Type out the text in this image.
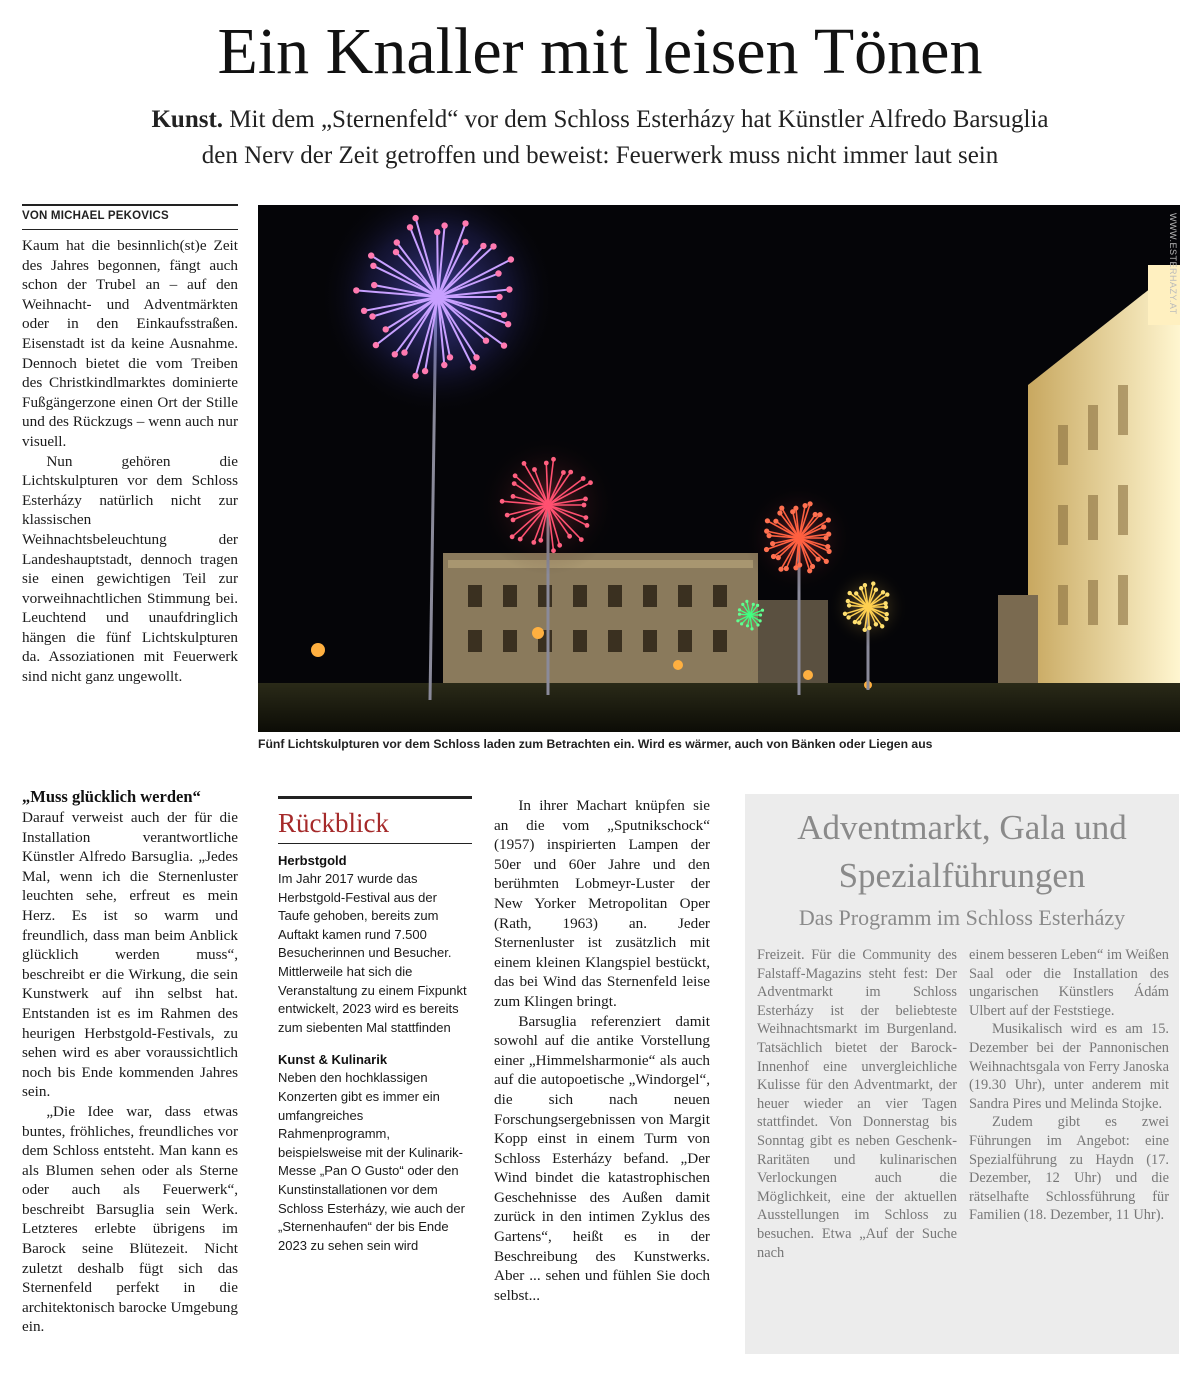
Ein Knaller mit leisen Tönen
Kunst. Mit dem „Sternenfeld“ vor dem Schloss Esterházy hat Künstler Alfredo Barsuglia
den Nerv der Zeit getroffen und beweist: Feuerwerk muss nicht immer laut sein
VON MICHAEL PEKOVICS

Kaum hat die besinnlich(st)e Zeit des Jahres begonnen, fängt auch schon der Trubel an – auf den Weihnacht- und Adventmärkten oder in den Einkaufsstraßen. Eisenstadt ist da keine Ausnahme. Dennoch bietet die vom Treiben des Christkindlmarktes dominierte Fußgängerzone einen Ort der Stille und des Rückzugs – wenn auch nur visuell.

Nun gehören die Lichtskulpturen vor dem Schloss Esterházy natürlich nicht zur klassischen Weihnachtsbeleuchtung der Landeshauptstadt, dennoch tragen sie einen gewichtigen Teil zur vorweihnachtlichen Stimmung bei. Leuchtend und unaufdringlich hängen die fünf Lichtskulpturen da. Assoziationen mit Feuerwerk sind nicht ganz ungewollt.

„Muss glücklich werden“

Darauf verweist auch der für die Installation verantwortliche Künstler Alfredo Barsuglia. „Jedes Mal, wenn ich die Sternenluster leuchten sehe, erfreut es mein Herz. Es ist so warm und freundlich, dass man beim Anblick glücklich werden muss“, beschreibt er die Wirkung, die sein Kunstwerk auf ihn selbst hat. Entstanden ist es im Rahmen des heurigen Herbstgold-Festivals, zu sehen wird es aber voraussichtlich noch bis Ende kommenden Jahres sein.

„Die Idee war, dass etwas buntes, fröhliches, freundliches vor dem Schloss entsteht. Man kann es als Blumen sehen oder als Sterne oder auch als Feuerwerk“, beschreibt Barsuglia sein Werk. Letzteres erlebte übrigens im Barock seine Blütezeit. Nicht zuletzt deshalb fügt sich das Sternenfeld perfekt in die architektonisch barocke Umgebung ein.

WWW.ESTERHAZY.AT
Fünf Lichtskulpturen vor dem Schloss laden zum Betrachten ein. Wird es wärmer, auch von Bänken oder Liegen aus
Rückblick
Herbstgold

Im Jahr 2017 wurde das Herbstgold-Festival aus der Taufe gehoben, bereits zum Auftakt kamen rund 7.500 Besucherinnen und Besucher. Mittlerweile hat sich die Veranstaltung zu einem Fixpunkt entwickelt, 2023 wird es bereits zum siebenten Mal stattfinden

Kunst & Kulinarik

Neben den hochklassigen Konzerten gibt es immer ein umfangreiches Rahmenprogramm, beispielsweise mit der Kulinarik-Messe „Pan O Gusto“ oder den Kunstinstallationen vor dem Schloss Esterházy, wie auch der „Sternenhaufen“ der bis Ende 2023 zu sehen sein wird

In ihrer Machart knüpfen sie an die vom „Sputnikschock“ (1957) inspirierten Lampen der 50er und 60er Jahre und den berühmten Lobmeyr-Luster der New Yorker Metropolitan Oper (Rath, 1963) an. Jeder Sternenluster ist zusätzlich mit einem kleinen Klangspiel bestückt, das bei Wind das Sternenfeld leise zum Klingen bringt.

Barsuglia referenziert damit sowohl auf die antike Vorstellung einer „Himmelsharmonie“ als auch auf die autopoetische „Windorgel“, die sich nach neuen Forschungsergebnissen von Margit Kopp einst in einem Turm von Schloss Esterházy befand. „Der Wind bindet die katastrophischen Geschehnisse des Außen damit zurück in den intimen Zyklus des Gartens“, heißt es in der Beschreibung des Kunstwerks. Aber ... sehen und fühlen Sie doch selbst...

Adventmarkt, Gala und
Spezialführungen
Das Programm im Schloss Esterházy

Freizeit. Für die Community des Falstaff-Magazins steht fest: Der Adventmarkt im Schloss Esterházy ist der beliebteste Weihnachtsmarkt im Burgenland. Tatsächlich bietet der Barock-Innenhof eine unvergleichliche Kulisse für den Adventmarkt, der heuer wieder an vier Tagen stattfindet. Von Donnerstag bis Sonntag gibt es neben Geschenk-Raritäten und kulinarischen Verlockungen auch die Möglichkeit, eine der aktuellen Ausstellungen im Schloss zu besuchen. Etwa „Auf der Suche nach

einem besseren Leben“ im Weißen Saal oder die Installation des ungarischen Künstlers Ádám Ulbert auf der Feststiege.

Musikalisch wird es am 15. Dezember bei der Pannonischen Weihnachtsgala von Ferry Janoska (19.30 Uhr), unter anderem mit Sandra Pires und Melinda Stojke.

Zudem gibt es zwei Führungen im Angebot: eine Spezialführung zu Haydn (17. Dezember, 12 Uhr) und die rätselhafte Schlossführung für Familien (18. Dezember, 11 Uhr).
